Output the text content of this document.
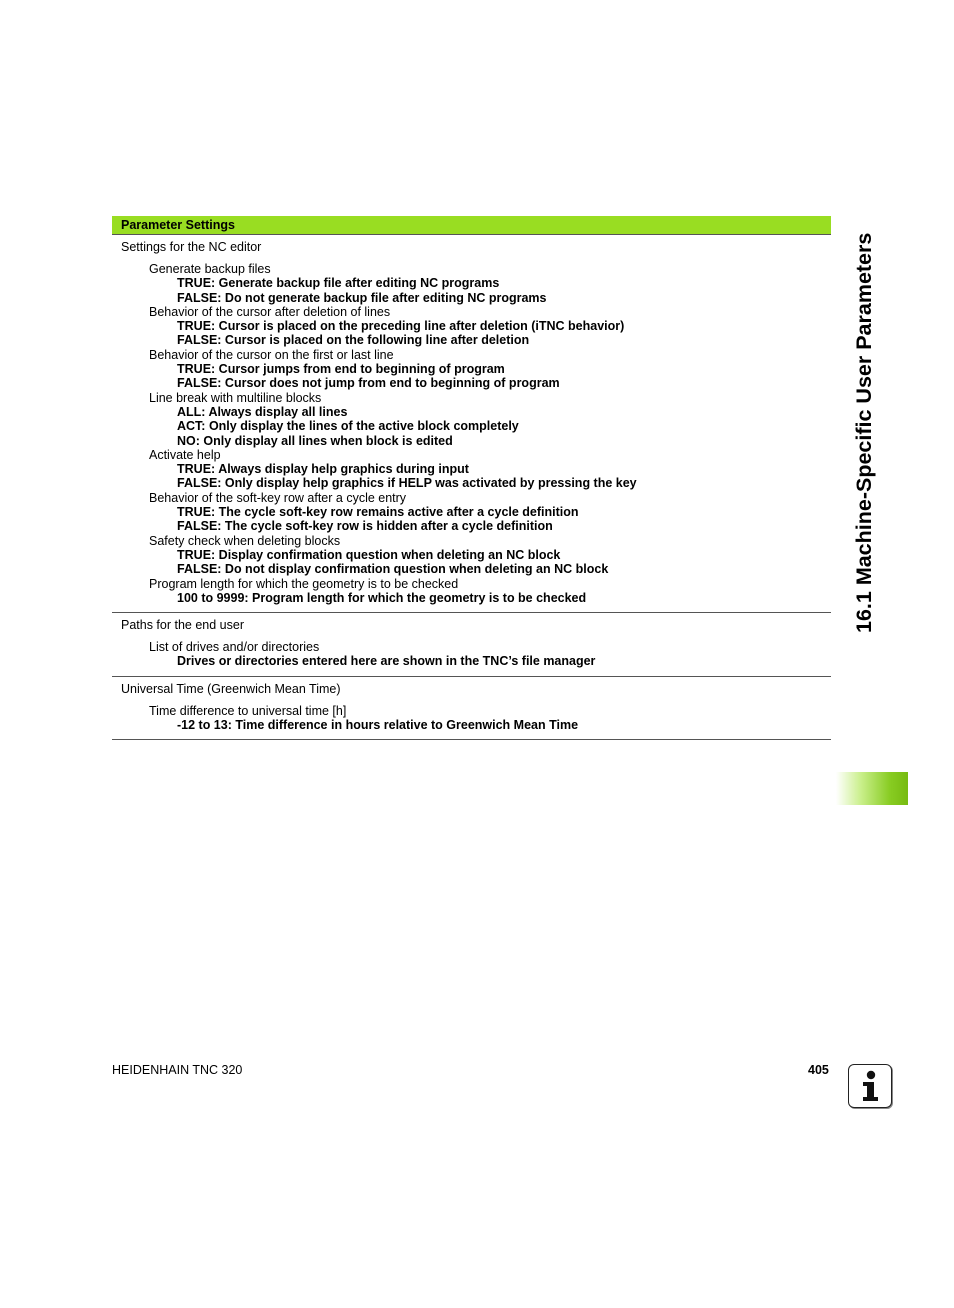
Parameter Settings
Settings for the NC editor
Generate backup files
TRUE: Generate backup file after editing NC programs
FALSE: Do not generate backup file after editing NC programs
Behavior of the cursor after deletion of lines
TRUE: Cursor is placed on the preceding line after deletion (iTNC behavior)
FALSE: Cursor is placed on the following line after deletion
Behavior of the cursor on the first or last line
TRUE: Cursor jumps from end to beginning of program
FALSE: Cursor does not jump from end to beginning of program
Line break with multiline blocks
ALL: Always display all lines
ACT: Only display the lines of the active block completely
NO: Only display all lines when block is edited
Activate help
TRUE: Always display help graphics during input
FALSE: Only display help graphics if HELP was activated by pressing the key
Behavior of the soft-key row after a cycle entry
TRUE: The cycle soft-key row remains active after a cycle definition
FALSE: The cycle soft-key row is hidden after a cycle definition
Safety check when deleting blocks
TRUE: Display confirmation question when deleting an NC block
FALSE: Do not display confirmation question when deleting an NC block
Program length for which the geometry is to be checked
100 to 9999: Program length for which the geometry is to be checked
Paths for the end user
List of drives and/or directories
Drives or directories entered here are shown in the TNC’s file manager
Universal Time (Greenwich Mean Time)
Time difference to universal time [h]
-12 to 13: Time difference in hours relative to Greenwich Mean Time
16.1 Machine-Specific User Parameters
HEIDENHAIN TNC 320	405
